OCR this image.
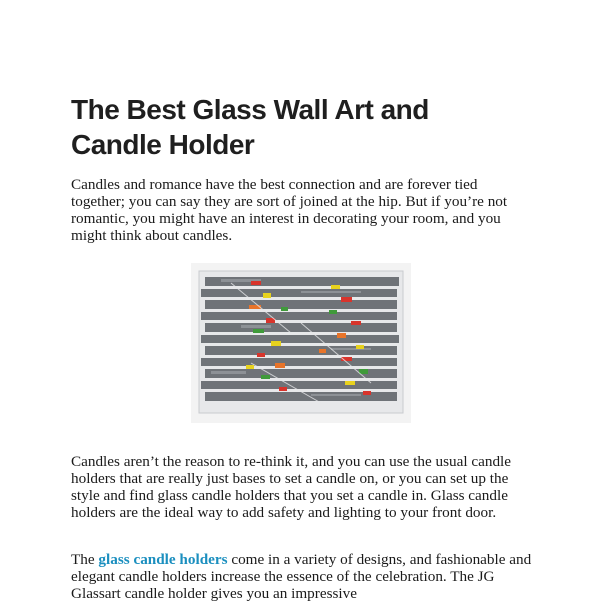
The Best Glass Wall Art and Candle Holder

Candles and romance have the best connection and are forever tied together; you can say they are sort of joined at the hip. But if you’re not romantic, you might have an interest in decorating your room, and you might think about candles.

Candles aren’t the reason to re-think it, and you can use the usual candle holders that are really just bases to set a candle on, or you can set up the style and find glass candle holders that you set a candle in. Glass candle holders are the ideal way to add safety and lighting to your front door.

The glass candle holders come in a variety of designs, and fashionable and elegant candle holders increase the essence of the celebration. The JG Glassart candle holder gives you an impressive
